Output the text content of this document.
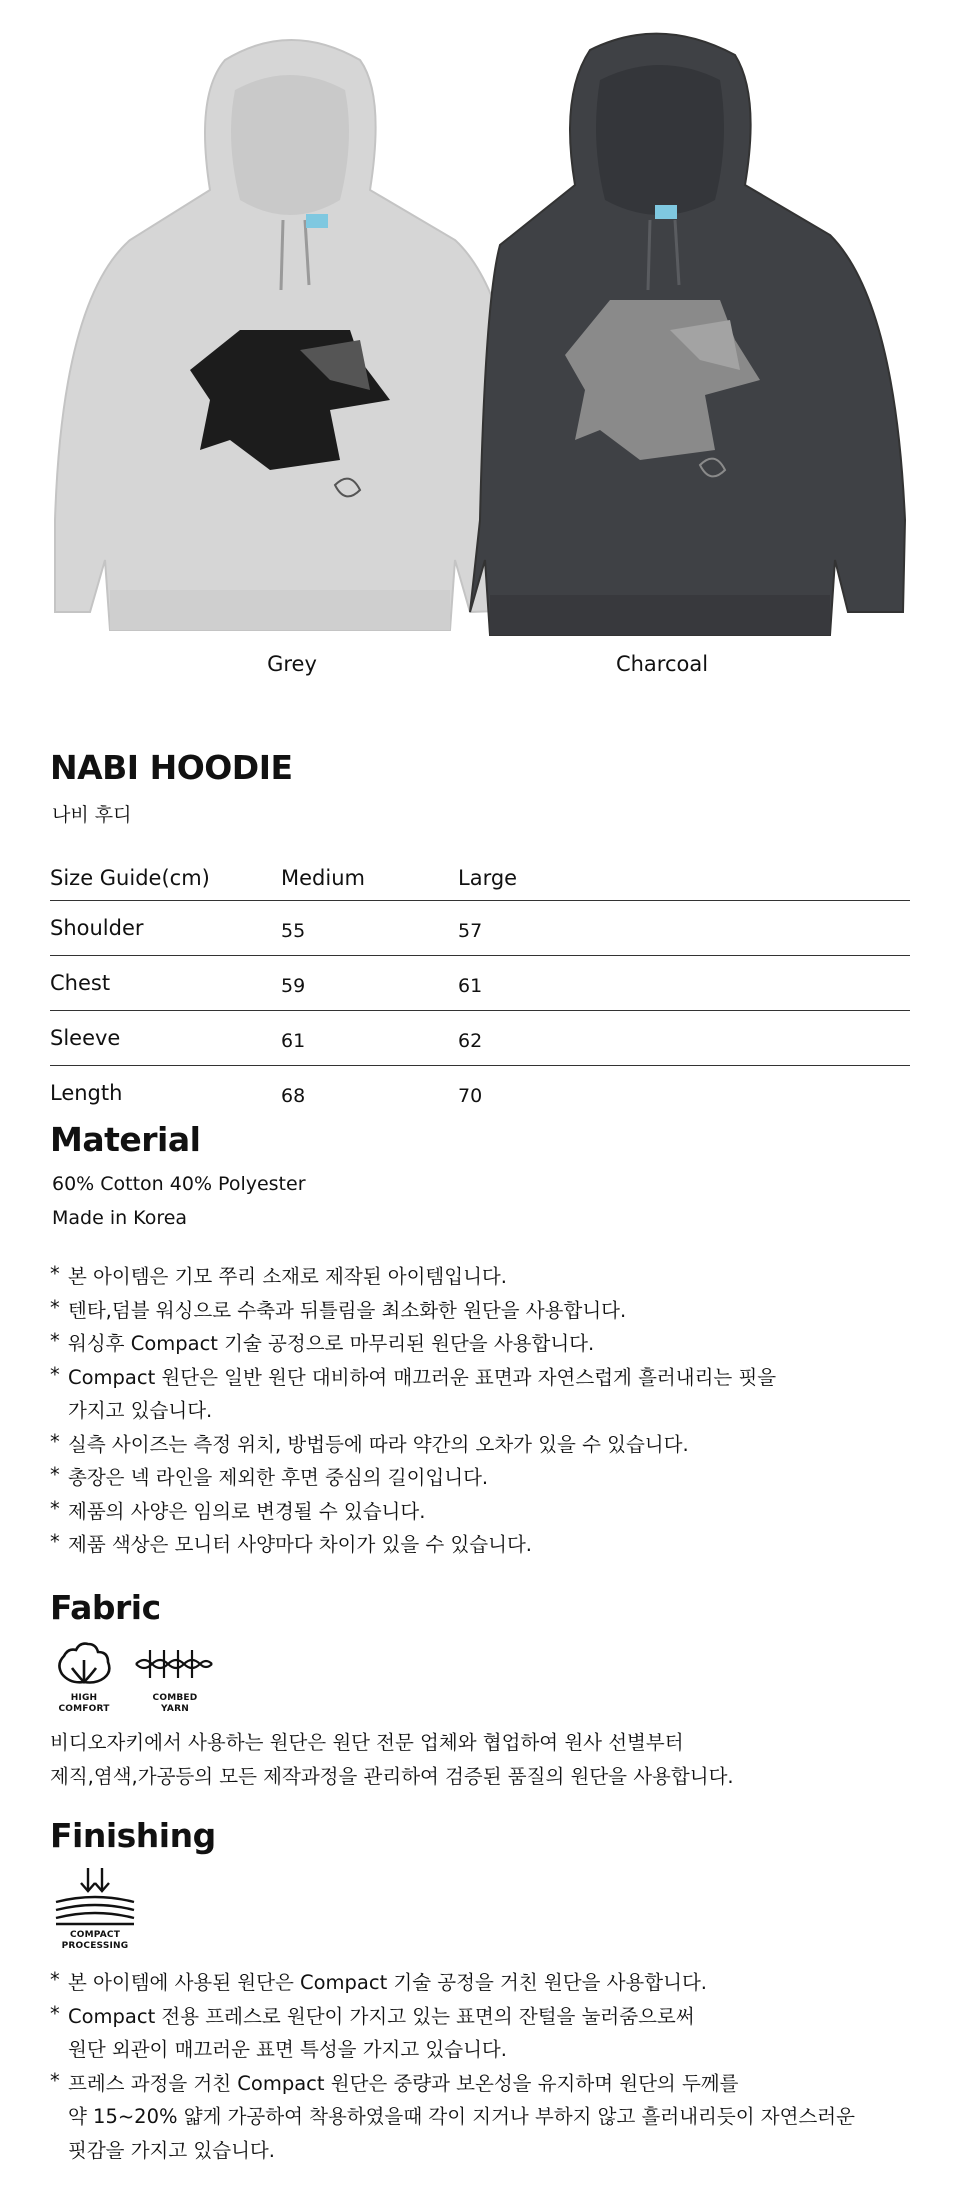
Grey	Charcoal
NABI HOODIE

나비 후디

Size Guide(cm)	Medium	Large
Shoulder	55	57
Chest	59	61
Sleeve	61	62
Length	68	70
Material

60% Cotton 40% Polyester

Made in Korea

* 본 아이템은 기모 쭈리 소재로 제작된 아이템입니다.
* 텐타,덤블 워싱으로 수축과 뒤틀림을 최소화한 원단을 사용합니다.
* 워싱후 Compact 기술 공정으로 마무리된 원단을 사용합니다.
* Compact 원단은 일반 원단 대비하여 매끄러운 표면과 자연스럽게 흘러내리는 핏을
가지고 있습니다.
* 실측 사이즈는 측정 위치, 방법등에 따라 약간의 오차가 있을 수 있습니다.
* 총장은 넥 라인을 제외한 후면 중심의 길이입니다.
* 제품의 사양은 임의로 변경될 수 있습니다.
* 제품 색상은 모니터 사양마다 차이가 있을 수 있습니다.
Fabric
HIGH
COMFORT
COMBED
YARN

비디오자키에서 사용하는 원단은 원단 전문 업체와 협업하여 원사 선별부터

제직,염색,가공등의 모든 제작과정을 관리하여 검증된 품질의 원단을 사용합니다.

Finishing
COMPACT
PROCESSING
* 본 아이템에 사용된 원단은 Compact 기술 공정을 거친 원단을 사용합니다.
* Compact 전용 프레스로 원단이 가지고 있는 표면의 잔털을 눌러줌으로써
원단 외관이 매끄러운 표면 특성을 가지고 있습니다.
* 프레스 과정을 거친 Compact 원단은 중량과 보온성을 유지하며 원단의 두께를
약 15~20% 얇게 가공하여 착용하였을때 각이 지거나 부하지 않고 흘러내리듯이 자연스러운
핏감을 가지고 있습니다.
